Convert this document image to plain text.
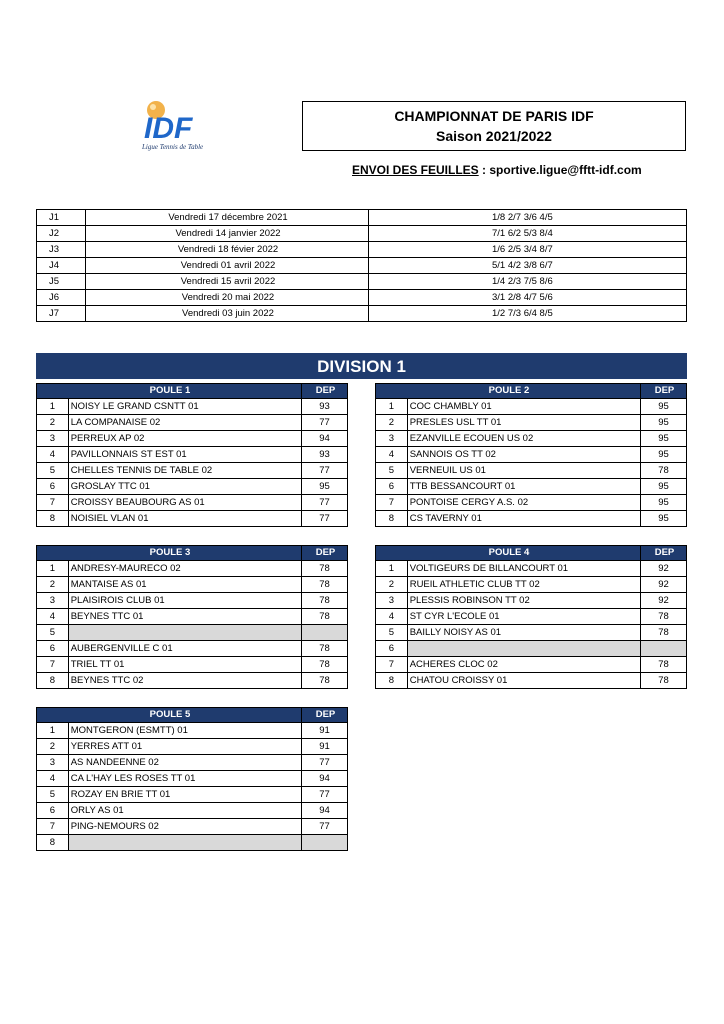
IDF
Ligue Tennis de Table
CHAMPIONNAT DE PARIS IDF
Saison 2021/2022
ENVOI DES FEUILLES : sportive.ligue@fftt-idf.com
J1	Vendredi 17 décembre 2021	1/8 2/7 3/6 4/5
J2	Vendredi 14 janvier 2022	7/1 6/2 5/3 8/4
J3	Vendredi 18 févier 2022	1/6 2/5 3/4 8/7
J4	Vendredi 01 avril 2022	5/1 4/2 3/8 6/7
J5	Vendredi 15 avril 2022	1/4 2/3 7/5 8/6
J6	Vendredi 20 mai 2022	3/1 2/8 4/7 5/6
J7	Vendredi 03 juin 2022	1/2 7/3 6/4 8/5
DIVISION 1
POULE 1		DEP
1	NOISY LE GRAND CSNTT 01	93
2	LA COMPANAISE 02	77
3	PERREUX AP 02	94
4	PAVILLONNAIS ST EST 01	93
5	CHELLES TENNIS DE TABLE 02	77
6	GROSLAY TTC 01	95
7	CROISSY BEAUBOURG AS 01	77
8	NOISIEL VLAN 01	77
POULE 2		DEP
1	COC CHAMBLY 01	95
2	PRESLES USL TT 01	95
3	EZANVILLE ECOUEN US 02	95
4	SANNOIS OS TT 02	95
5	VERNEUIL US 01	78
6	TTB BESSANCOURT 01	95
7	PONTOISE CERGY A.S. 02	95
8	CS TAVERNY 01	95
POULE 3		DEP
1	ANDRESY-MAURECO 02	78
2	MANTAISE AS 01	78
3	PLAISIROIS CLUB 01	78
4	BEYNES TTC 01	78
5		
6	AUBERGENVILLE C 01	78
7	TRIEL TT 01	78
8	BEYNES TTC 02	78
POULE 4		DEP
1	VOLTIGEURS DE BILLANCOURT 01	92
2	RUEIL ATHLETIC CLUB TT 02	92
3	PLESSIS ROBINSON TT 02	92
4	ST CYR L'ECOLE 01	78
5	BAILLY NOISY AS 01	78
6		
7	ACHERES CLOC 02	78
8	CHATOU CROISSY 01	78
POULE 5		DEP
1	MONTGERON (ESMTT) 01	91
2	YERRES ATT 01	91
3	AS NANDEENNE 02	77
4	CA L'HAY LES ROSES TT 01	94
5	ROZAY EN BRIE TT 01	77
6	ORLY AS 01	94
7	PING-NEMOURS 02	77
8		
